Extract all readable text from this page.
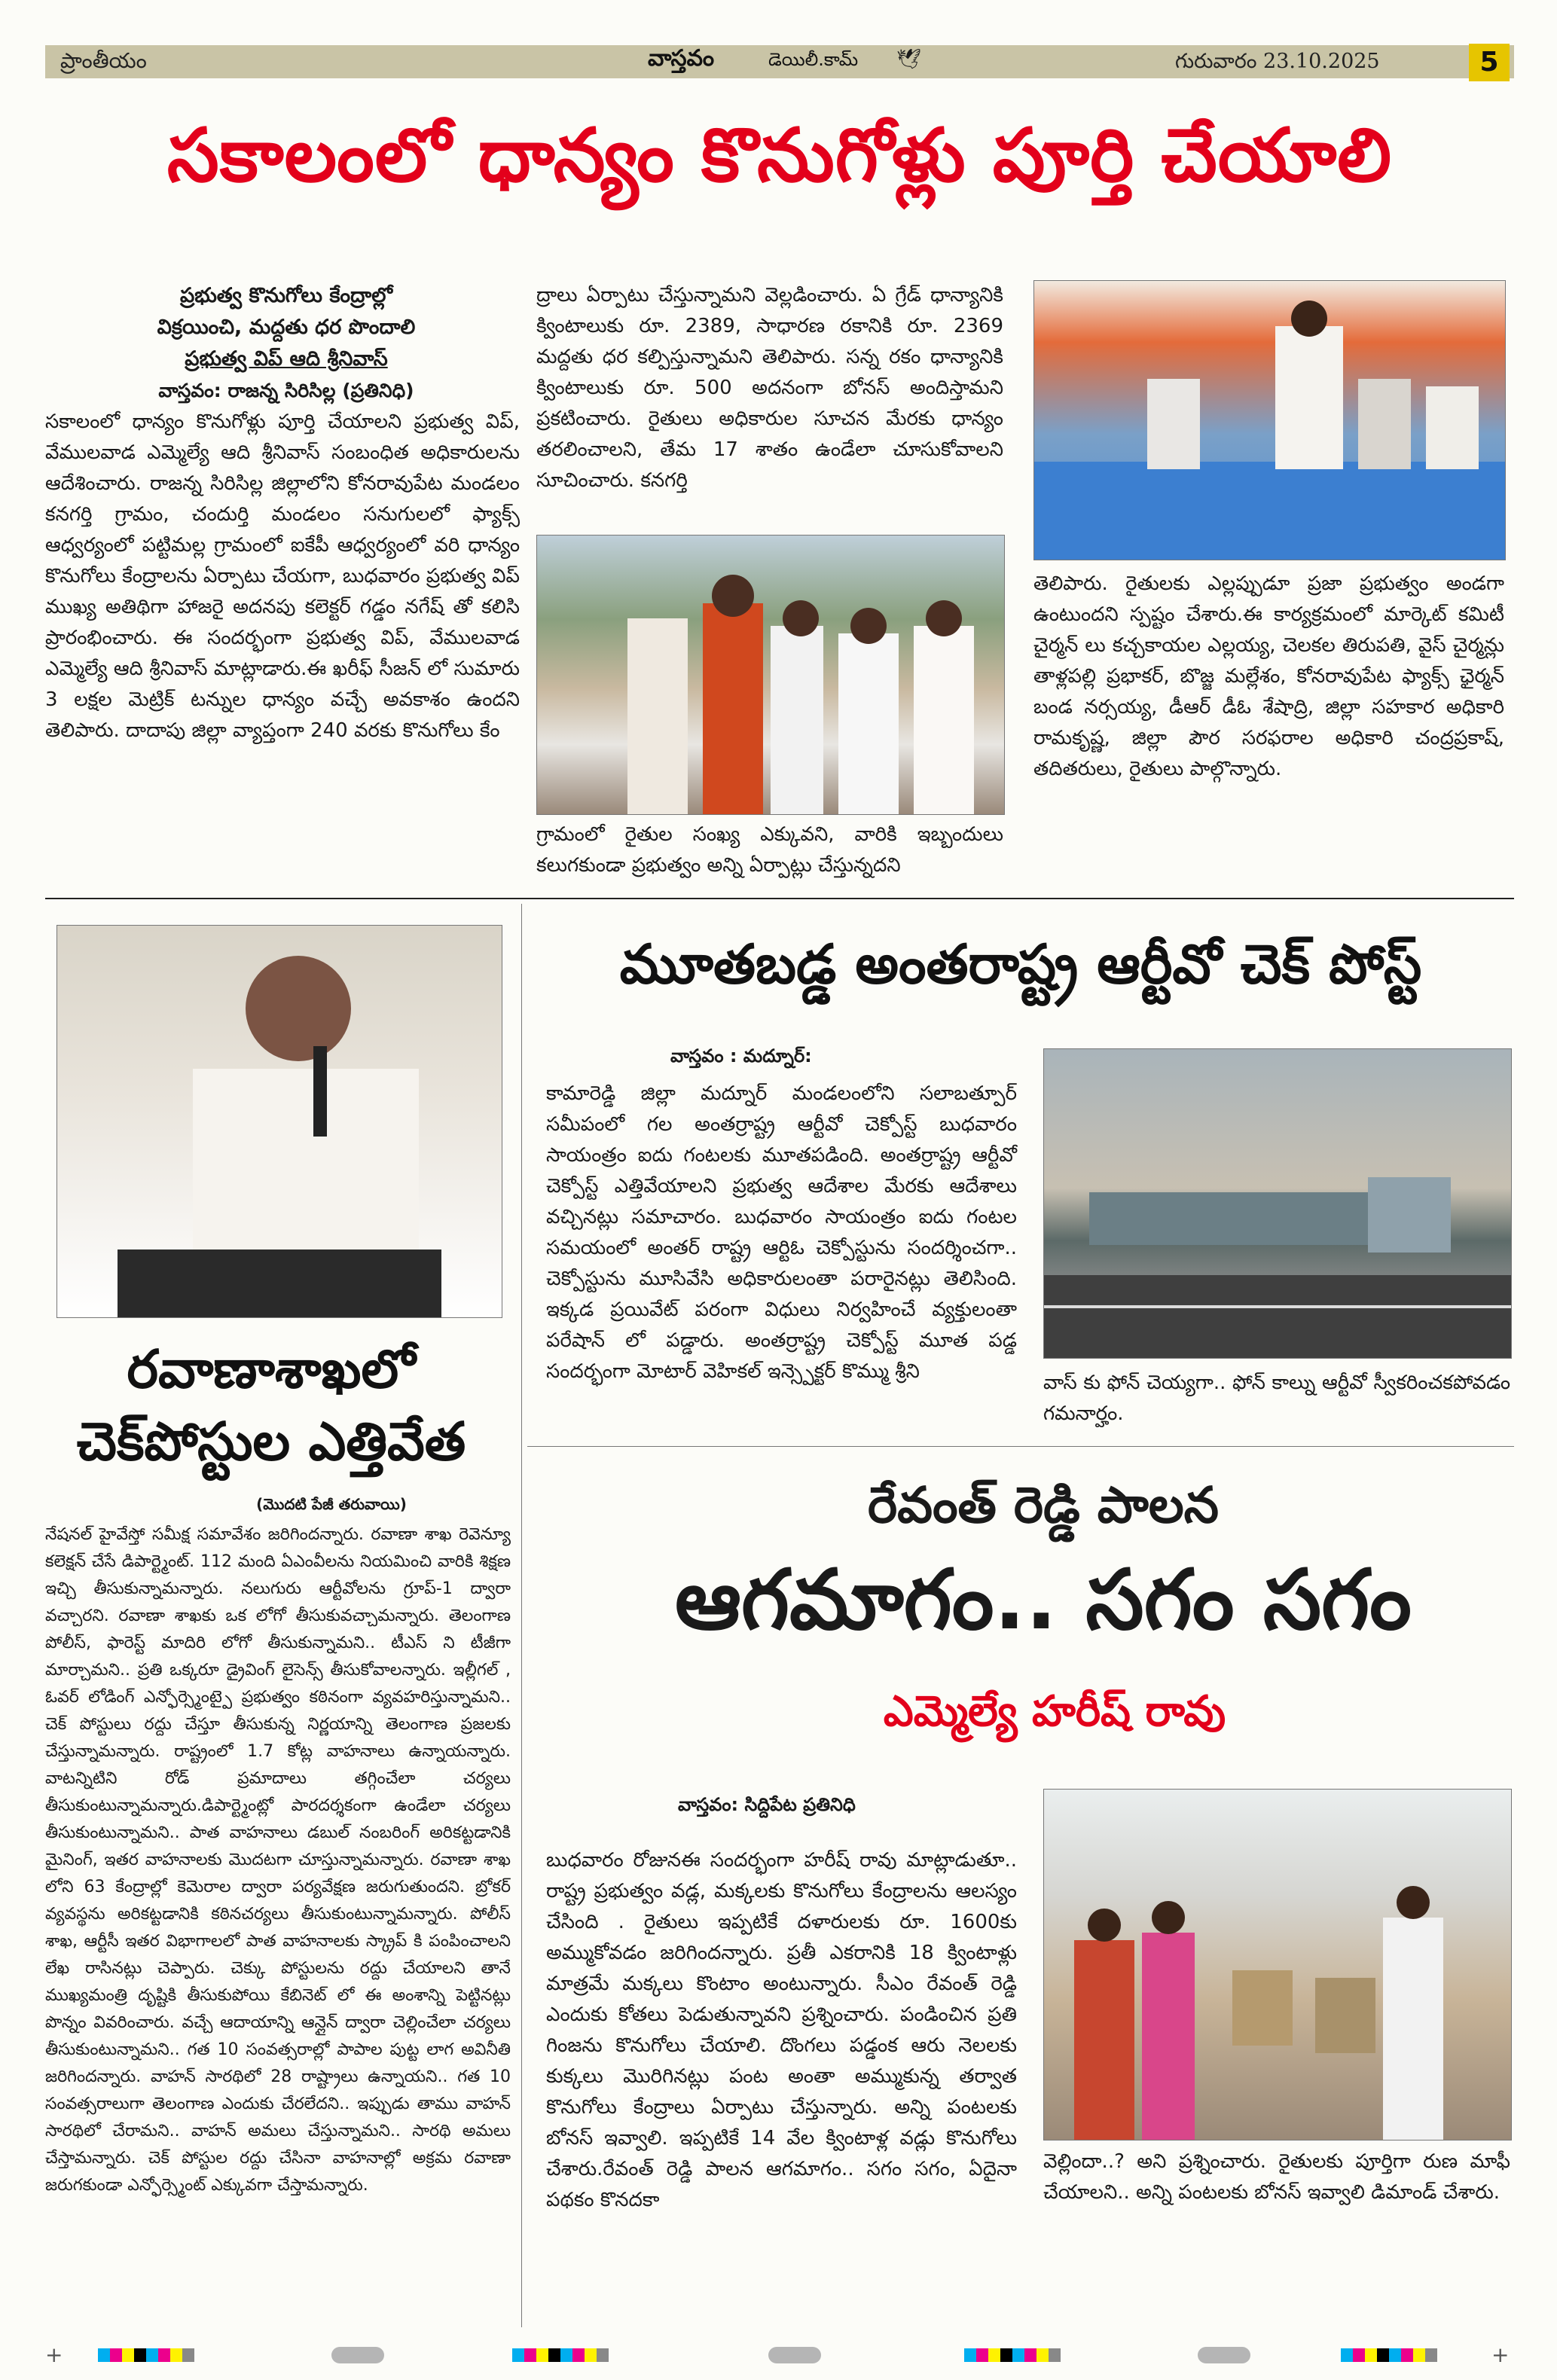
ప్రాంతీయం	వాస్తవం	డెయిలీ.కామ్ 🕊	గురువారం 23.10.2025	5
సకాలంలో ధాన్యం కొనుగోళ్లు పూర్తి చేయాలి
ప్రభుత్వ కొనుగోలు కేంద్రాల్లో
విక్రయించి, మద్దతు ధర పొందాలి
ప్రభుత్వ విప్ ఆది శ్రీనివాస్
వాస్తవం: రాజన్న సిరిసిల్ల (ప్రతినిధి)
సకాలంలో ధాన్యం కొనుగోళ్లు పూర్తి చేయాలని ప్రభుత్వ విప్, వేములవాడ ఎమ్మెల్యే ఆది శ్రీనివాస్ సంబంధిత అధికారులను ఆదేశించారు. రాజన్న సిరిసిల్ల జిల్లాలోని కోనరావుపేట మండలం కనగర్తి గ్రామం, చందుర్తి మండలం సనుగులలో ఫ్యాక్స్ ఆధ్వర్యంలో పట్టిమల్ల గ్రామంలో ఐకేపీ ఆధ్వర్యంలో వరి ధాన్యం కొనుగోలు కేంద్రాలను ఏర్పాటు చేయగా, బుధవారం ప్రభుత్వ విప్ ముఖ్య అతిథిగా హాజరై అదనపు కలెక్టర్ గడ్డం నగేష్ తో కలిసి ప్రారంభించారు. ఈ సందర్భంగా ప్రభుత్వ విప్, వేములవాడ ఎమ్మెల్యే ఆది శ్రీనివాస్ మాట్లాడారు.ఈ ఖరీఫ్ సీజన్ లో సుమారు 3 లక్షల మెట్రిక్ టన్నుల ధాన్యం వచ్చే అవకాశం ఉందని తెలిపారు. దాదాపు జిల్లా వ్యాప్తంగా 240 వరకు కొనుగోలు కేం
ద్రాలు ఏర్పాటు చేస్తున్నామని వెల్లడించారు. ఏ గ్రేడ్ ధాన్యానికి క్వింటాలుకు రూ. 2389, సాధారణ రకానికి రూ. 2369 మద్దతు ధర కల్పిస్తున్నామని తెలిపారు. సన్న రకం ధాన్యానికి క్వింటాలుకు రూ. 500 అదనంగా బోనస్ అందిస్తామని ప్రకటించారు. రైతులు అధికారుల సూచన మేరకు ధాన్యం తరలించాలని, తేమ 17 శాతం ఉండేలా చూసుకోవాలని సూచించారు. కనగర్తి
గ్రామంలో రైతుల సంఖ్య ఎక్కువని, వారికి ఇబ్బందులు కలుగకుండా ప్రభుత్వం అన్ని ఏర్పాట్లు చేస్తున్నదని
తెలిపారు. రైతులకు ఎల్లప్పుడూ ప్రజా ప్రభుత్వం అండగా ఉంటుందని స్పష్టం చేశారు.ఈ కార్యక్రమంలో మార్కెట్ కమిటీ చైర్మన్ లు కచ్చకాయల ఎల్లయ్య, చెలకల తిరుపతి, వైస్ చైర్మన్లు తాళ్లపల్లి ప్రభాకర్, బొజ్జ మల్లేశం, కోనరావుపేట ఫ్యాక్స్ ఛైర్మన్ బండ నర్సయ్య, డీఆర్ డీఓ శేషాద్రి, జిల్లా సహకార అధికారి రామకృష్ణ, జిల్లా పౌర సరఫరాల అధికారి చంద్రప్రకాష్, తదితరులు, రైతులు పాల్గొన్నారు.
రవాణాశాఖలో
చెక్‌పోస్టుల ఎత్తివేత
(మొదటి పేజీ తరువాయి)
నేషనల్ హైవేస్తో సమీక్ష సమావేశం జరిగిందన్నారు. రవాణా శాఖ రెవెన్యూ కలెక్షన్ చేసే డిపార్ట్మెంట్. 112 మంది ఏఎంవీలను నియమించి వారికి శిక్షణ ఇచ్చి తీసుకున్నామన్నారు. నలుగురు ఆర్టీవోలను గ్రూప్-1 ద్వారా వచ్చారని. రవాణా శాఖకు ఒక లోగో తీసుకువచ్చామన్నారు. తెలంగాణ పోలీస్, ఫారెస్ట్ మాదిరి లోగో తీసుకున్నామని.. టీఎస్ ని టీజీగా మార్చామని.. ప్రతి ఒక్కరూ డ్రైవింగ్ లైసెన్స్ తీసుకోవాలన్నారు. ఇల్లీగల్ , ఓవర్ లోడింగ్ ఎన్ఫోర్స్మెంట్పై ప్రభుత్వం కఠినంగా వ్యవహరిస్తున్నామని.. చెక్ పోస్టులు రద్దు చేస్తూ తీసుకున్న నిర్ణయాన్ని తెలంగాణ ప్రజలకు చేస్తున్నామన్నారు. రాష్ట్రంలో 1.7 కోట్ల వాహనాలు ఉన్నాయన్నారు. వాటన్నిటిని రోడ్ ప్రమాదాలు తగ్గించేలా చర్యలు తీసుకుంటున్నామన్నారు.డిపార్ట్మెంట్లో పారదర్శకంగా ఉండేలా చర్యలు తీసుకుంటున్నామని.. పాత వాహనాలు డబుల్ నంబరింగ్ అరికట్టడానికి మైనింగ్, ఇతర వాహనాలకు మొదటగా చూస్తున్నామన్నారు. రవాణా శాఖ లోని 63 కేంద్రాల్లో కెమెరాల ద్వారా పర్యవేక్షణ జరుగుతుందని. బ్రోకర్ వ్యవస్థను అరికట్టడానికి కఠినచర్యలు తీసుకుంటున్నామన్నారు. పోలీస్ శాఖ, ఆర్టీసీ ఇతర విభాగాలలో పాత వాహనాలకు స్క్రాప్ కి పంపించాలని లేఖ రాసినట్లు చెప్పారు. చెక్కు పోస్టులను రద్దు చేయాలని తానే ముఖ్యమంత్రి దృష్టికి తీసుకుపోయి కేబినెట్ లో ఈ అంశాన్ని పెట్టినట్లు పొన్నం వివరించారు. వచ్చే ఆదాయాన్ని ఆన్లైన్ ద్వారా చెల్లించేలా చర్యలు తీసుకుంటున్నామని.. గత 10 సంవత్సరాల్లో పాపాల పుట్ట లాగ అవినీతి జరిగిందన్నారు. వాహన్ సారథిలో 28 రాష్ట్రాలు ఉన్నాయని.. గత 10 సంవత్సరాలుగా తెలంగాణ ఎందుకు చేరలేదని.. ఇప్పుడు తాము వాహన్ సారథిలో చేరామని.. వాహన్ అమలు చేస్తున్నామని.. సారథి అమలు చేస్తామన్నారు. చెక్ పోస్టుల రద్దు చేసినా వాహనాల్లో అక్రమ రవాణా జరుగకుండా ఎన్ఫోర్స్మెంట్ ఎక్కువగా చేస్తామన్నారు.
మూతబడ్డ అంతరాష్ట్ర ఆర్టీవో చెక్ పోస్ట్
వాస్తవం : మద్నూర్:
కామారెడ్డి జిల్లా మద్నూర్ మండలంలోని సలాబత్పూర్ సమీపంలో గల అంతర్రాష్ట్ర ఆర్టీవో చెక్పోస్ట్ బుధవారం సాయంత్రం ఐదు గంటలకు మూతపడింది. అంతర్రాష్ట్ర ఆర్టీవో చెక్పోస్ట్ ఎత్తివేయాలని ప్రభుత్వ ఆదేశాల మేరకు ఆదేశాలు వచ్చినట్లు సమాచారం. బుధవారం సాయంత్రం ఐదు గంటల సమయంలో అంతర్ రాష్ట్ర ఆర్టిఓ చెక్పోస్టును సందర్శించగా.. చెక్పోస్టును మూసివేసి అధికారులంతా పరారైనట్లు తెలిసింది. ఇక్కడ ప్రయివేట్ పరంగా విధులు నిర్వహించే వ్యక్తులంతా పరేషాన్ లో పడ్డారు. అంతర్రాష్ట్ర చెక్పోస్ట్ మూత పడ్డ సందర్భంగా మోటార్ వెహికల్ ఇన్స్పెక్టర్ కొమ్ము శ్రీని	వాస్ కు ఫోన్ చెయ్యగా.. ఫోన్ కాల్ను ఆర్టీవో స్వీకరించకపోవడం గమనార్హం.
రేవంత్ రెడ్డి పాలన
ఆగమాగం.. సగం సగం
ఎమ్మెల్యే హరీష్ రావు
వాస్తవం: సిద్దిపేట ప్రతినిధి
బుధవారం రోజునఈ సందర్భంగా హరీష్ రావు మాట్లాడుతూ.. రాష్ట్ర ప్రభుత్వం వడ్ల, మక్కలకు కొనుగోలు కేంద్రాలను ఆలస్యం చేసింది . రైతులు ఇప్పటికే దళారులకు రూ. 1600కు అమ్ముకోవడం జరిగిందన్నారు. ప్రతీ ఎకరానికి 18 క్వింటాళ్లు మాత్రమే మక్కలు కొంటాం అంటున్నారు. సీఎం రేవంత్ రెడ్డి ఎందుకు కోతలు పెడుతున్నావని ప్రశ్నించారు. పండించిన ప్రతి గింజను కొనుగోలు చేయాలి. దొంగలు పడ్డంక ఆరు నెలలకు కుక్కలు మొరిగినట్లు పంట అంతా అమ్ముకున్న తర్వాత కొనుగోలు కేంద్రాలు ఏర్పాటు చేస్తున్నారు. అన్ని పంటలకు బోనస్ ఇవ్వాలి. ఇప్పటికే 14 వేల క్వింటాళ్ల వడ్లు కొనుగోలు చేశారు.రేవంత్ రెడ్డి పాలన ఆగమాగం.. సగం సగం, ఏదైనా పథకం కొనదకా
వెల్లిందా..? అని ప్రశ్నించారు. రైతులకు పూర్తిగా రుణ మాఫీ చేయాలని.. అన్ని పంటలకు బోనస్ ఇవ్వాలి డిమాండ్ చేశారు.
+	+
